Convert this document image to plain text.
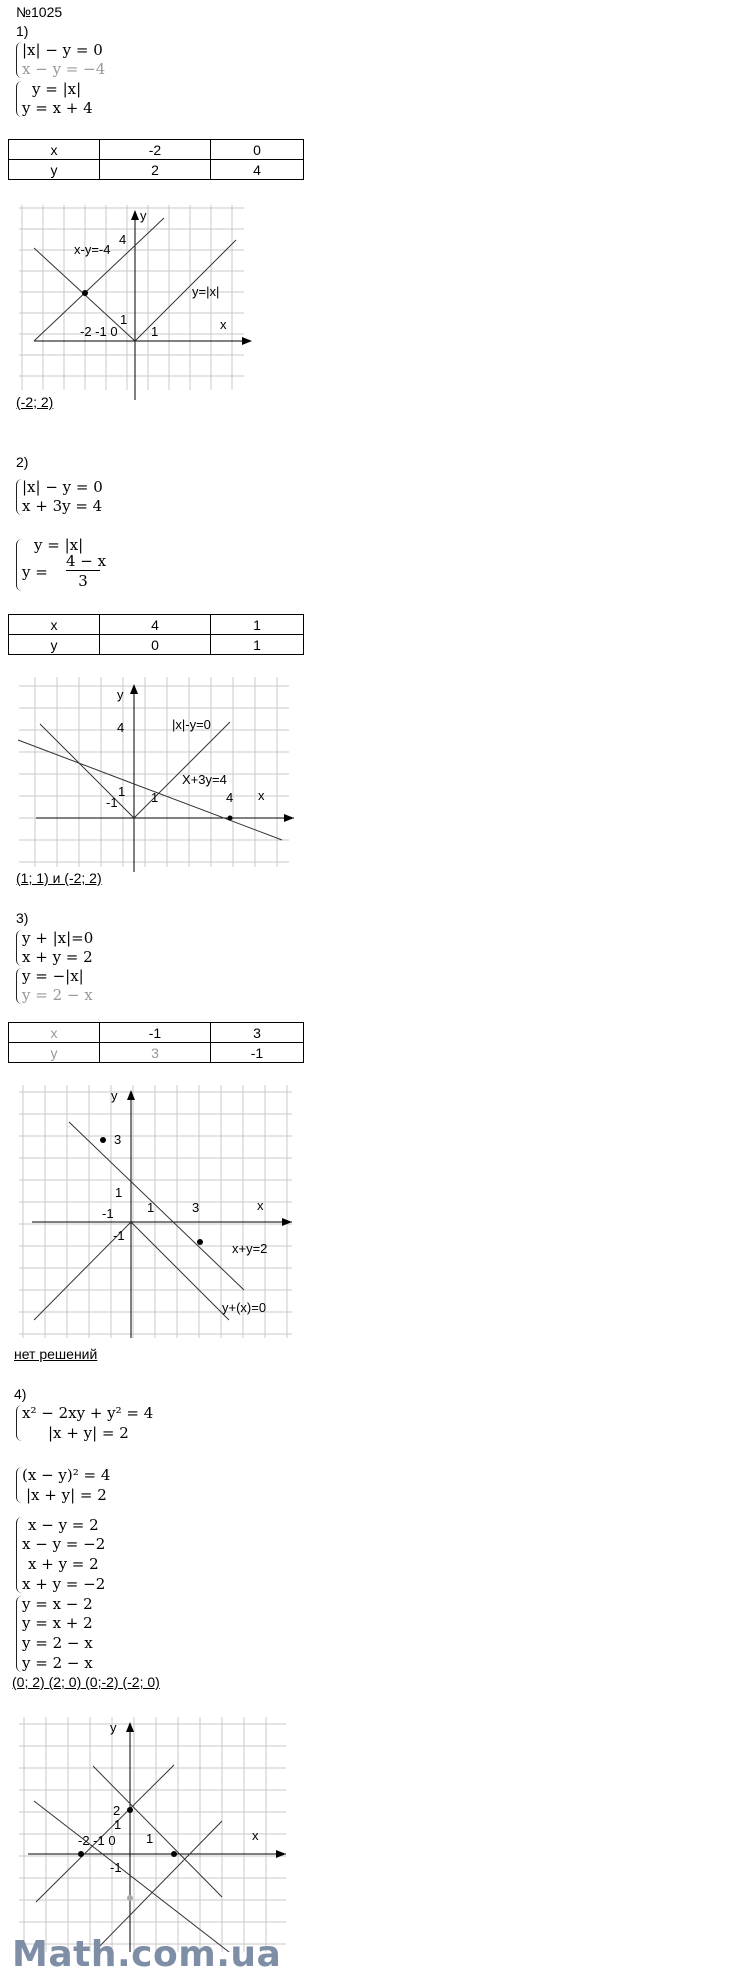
№1025
1)
|x| − y = 0
x − y = −4
y = |x|
y = x + 4
x	-2	0
y	2	4
y
4
1
-2 -1 0	1	x
x-y=-4
y=|x|
(-2; 2)
2)
|x| − y = 0
x + 3y = 4
y = |x|
y =
4 − x
3
x	4	1
y	0	1
y
4
1
-1	1	4 x
|x|-y=0
X+3y=4
(1; 1) и (-2; 2)
3)
y + |x|=0
x + y = 2
y = −|x|
y = 2 − x
x	-1	3
y	3	-1
y
3
1
-1	1	3
-1
x
x+y=2
y+(x)=0
нет решений
4)
x² − 2xy + y² = 4
|x + y| = 2
(x − y)² = 4
|x + y| = 2
x − y = 2
x − y = −2
x + y = 2
x + y = −2
y = x − 2
y = x + 2
y = 2 − x
y = 2 − x
(0; 2) (2; 0) (0;-2) (-2; 0)
y
2
1
-2 -1 0 1
-1
x
Math.com.ua
